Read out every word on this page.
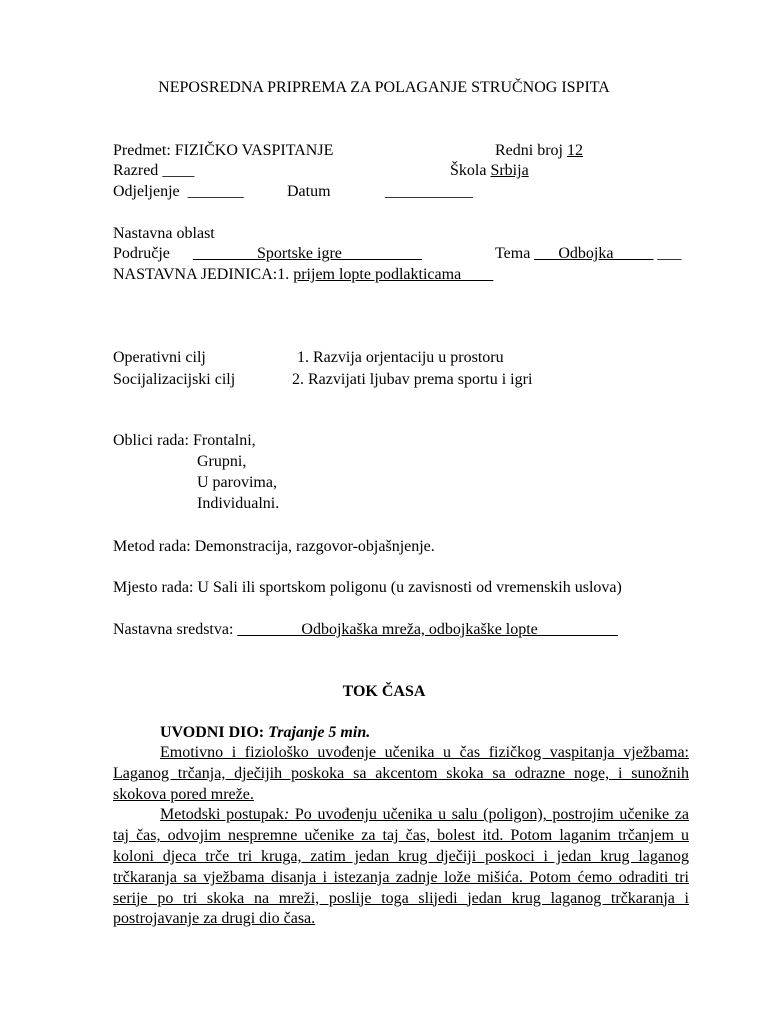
NEPOSREDNA PRIPREMA ZA POLAGANJE STRUČNOG ISPITA
Predmet: FIZIČKO VASPITANJE	Redni broj 12
Razred ____	Škola Srbija
Odjeljenje _______	Datum	___________
Nastavna oblast
Područje ________Sportske igre__________	Tema ___Odbojka_____ ___
NASTAVNA JEDINICA:1. prijem lopte podlakticama____
Operativni cilj	1. Razvija orjentaciju u prostoru
Socijalizacijski cilj	2. Razvijati ljubav prema sportu i igri
Oblici rada: Frontalni,
Grupni,
U parovima,
Individualni.
Metod rada: Demonstracija, razgovor-objašnjenje.
Mjesto rada: U Sali ili sportskom poligonu (u zavisnosti od vremenskih uslova)
Nastavna sredstva: ________Odbojkaška mreža, odbojkaške lopte__________
TOK ČASA
UVODNI DIO: Trajanje 5 min.

Emotivno i fiziološko uvođenje učenika u čas fizičkog vaspitanja vježbama: Laganog trčanja, dječijih poskoka sa akcentom skoka sa odrazne noge, i sunožnih skokova pored mreže.

Metodski postupak: Po uvođenju učenika u salu (poligon), postrojim učenike za taj čas, odvojim nespremne učenike za taj čas, bolest itd. Potom laganim trčanjem u koloni djeca trče tri kruga, zatim jedan krug dječiji poskoci i jedan krug laganog trčkaranja sa vježbama disanja i istezanja zadnje lože mišića. Potom ćemo odraditi tri serije po tri skoka na mreži, poslije toga slijedi jedan krug laganog trčkaranja i postrojavanje za drugi dio časa.
